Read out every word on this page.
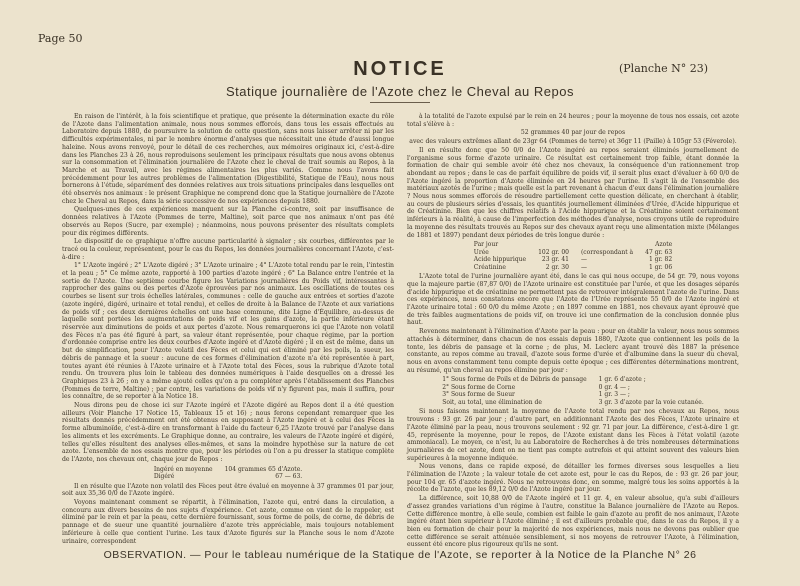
Page 50
NOTICE	(Planche N° 23)
Statique journalière de l'Azote chez le Cheval au Repos

En raison de l'intérêt, à la fois scientifique et pratique, que présente la détermination exacte du rôle de l'Azote dans l'alimentation animale, nous nous sommes efforcés, dans tous les essais effectués au Laboratoire depuis 1880, de poursuivre la solution de cette question, sans nous laisser arrêter ni par les difficultés expérimentales, ni par le nombre énorme d'analyses que nécessitait une étude d'aussi longue haleine. Nous avons renvoyé, pour le détail de ces recherches, aux mémoires originaux ici, c'est-à-dire dans les Planches 23 à 26, nous reproduisons seulement les principaux résultats que nous avons obtenus sur la consommation et l'élimination journalière de l'Azote chez le cheval de trait soumis au Repos, à la Marche et au Travail, avec les régimes alimentaires les plus variés. Comme nous l'avons fait précédemment pour les autres problèmes de l'alimentation (Digestibilité, Statique de l'Eau), nous nous bornerons à l'étude, séparément des données relatives aux trois situations principales dans lesquelles ont été observés nos animaux : le présent Graphique ne comprend donc que la Statique journalière de l'Azote chez le Cheval au Repos, dans la série successive de nos expériences depuis 1880.

Quelques-unes de ces expériences manquent sur la Planche ci-contre, soit par insuffisance de données relatives à l'Azote (Pommes de terre, Maltine), soit parce que nos animaux n'ont pas été observés au Repos (Sucre, par exemple) ; néanmoins, nous pouvons présenter des résultats complets pour dix régimes différents.

Le dispositif de ce graphique n'offre aucune particularité à signaler ; six courbes, différentes par le tracé ou la couleur, représentent, pour le cas du Repos, les données journalières concernant l'Azote, c'est-à-dire :

1° L'Azote ingéré ; 2° L'Azote digéré ; 3° L'Azote urinaire ; 4° L'Azote total rendu par le rein, l'intestin et la peau ; 5° Ce même azote, rapporté à 100 parties d'azote ingéré ; 6° La Balance entre l'entrée et la sortie de l'Azote. Une septième courbe figure les Variations journalières du Poids vif, intéressantes à rapprocher des gains ou des pertes d'Azote éprouvées par nos animaux. Les oscillations de toutes ces courbes se lisent sur trois échelles latérales, communes : celle de gauche aux entrées et sorties d'azote (azote ingéré, digéré, urinaire et total rendu), et celles de droite à la Balance de l'Azote et aux variations de poids vif ; ces deux dernières échelles ont une base commune, dite Ligne d'Équilibre, au-dessus de laquelle sont portées les augmentations de poids vif et les gains d'azote, la partie inférieure étant réservée aux diminutions de poids et aux pertes d'azote. Nous remarquerons ici que l'Azote non volatil des Fèces n'a pas été figuré à part, sa valeur étant représentée, pour chaque régime, par la portion d'ordonnée comprise entre les deux courbes d'Azote ingéré et d'Azote digéré ; il en est de même, dans un but de simplification, pour l'Azote volatil des Fèces et celui qui est éliminé par les poils, la sueur, les débris de pannage et la sueur : aucune de ces formes d'élimination d'azote n'a été représentée à part, toutes ayant été réunies à l'Azote urinaire et à l'Azote total des Fèces, sous la rubrique d'Azote total rendu. On trouvera plus loin le tableau des données numériques à l'aide desquelles on a dressé les Graphiques 23 à 26 ; on y a même ajouté celles qu'on a pu compléter après l'établissement des Planches (Pommes de terre, Maltine) ; par contre, les variations de poids vif n'y figurent pas, mais il suffira, pour les connaître, de se reporter à la Notice 18.

Nous dirons peu de chose ici sur l'Azote ingéré et l'Azote digéré au Repos dont il a été question ailleurs (Voir Planche 17 Notice 15, Tableaux 15 et 16) ; nous ferons cependant remarquer que les résultats donnés précédemment ont été obtenus en supposant à l'Azote ingéré et à celui des Fèces la forme albuminoïde, c'est-à-dire en transformant à l'aide du facteur 6,25 l'Azote trouvé par l'analyse dans les aliments et les excréments. Le Graphique donne, au contraire, les valeurs de l'Azote ingéré et digéré, telles qu'elles résultent des analyses elles-mêmes, et sans la moindre hypothèse sur la nature de cet azote. L'ensemble de nos essais montre que, pour les périodes où l'on a pu dresser la statique complète de l'Azote, nos chevaux ont, chaque jour de Repos :

Ingéré en moyenne	104 grammes 65 d'Azote.
Digéré	67 — 63.

Il en résulte que l'Azote non volatil des Fèces peut être évalué en moyenne à 37 grammes 01 par jour, soit aux 35,36 0/0 de l'Azote ingéré.

Voyons maintenant comment se répartit, à l'élimination, l'azote qui, entré dans la circulation, a concouru aux divers besoins de nos sujets d'expérience. Cet azote, comme on vient de le rappeler, est éliminé par le rein et par la peau, cette dernière fournissant, sous forme de poils, de corne, de débris de pannage et de sueur une quantité journalière d'azote très appréciable, mais toujours notablement inférieure à celle que contient l'urine. Les taux d'Azote figurés sur la Planche sous le nom d'Azote urinaire, correspondent

à la totalité de l'azote expulsé par le rein en 24 heures ; pour la moyenne de tous nos essais, cet azote total s'élève à :

52 grammes 40 par jour de repos

avec des valeurs extrêmes allant de 23gr 64 (Pommes de terre) et 36gr 11 (Paille) à 105gr 53 (Féverole).

Il en résulte donc que 50 0/0 de l'Azote ingéré au repos seraient éliminés journellement de l'organisme sous forme d'azote urinaire. Ce résultat est certainement trop faible, étant donnée la formation de chair qui semble avoir été chez nos chevaux, la conséquence d'un rationnement trop abondant au repos ; dans le cas de parfait équilibre de poids vif, il serait plus exact d'évaluer à 60 0/0 de l'Azote ingéré la proportion d'Azote éliminée en 24 heures par l'urine. Il s'agit là de l'ensemble des matériaux azotés de l'urine ; mais quelle est la part revenant à chacun d'eux dans l'élimination journalière ? Nous nous sommes efforcés de résoudre partiellement cette question délicate, en cherchant à établir, au cours de plusieurs séries d'essais, les quantités journellement éliminées d'Urée, d'Acide hippurique et de Créatinine. Bien que les chiffres relatifs à l'Acide hippurique et la Créatinine soient certainement inférieurs à la réalité, à cause de l'imperfection des méthodes d'analyse, nous croyons utile de reproduire la moyenne des résultats trouvés au Repos sur des chevaux ayant reçu une alimentation mixte (Mélanges de 1881 et 1897) pendant deux périodes de très longue durée :

Par jour			Azote
Urée	102 gr. 00	(correspondant à	47 gr. 63
Acide hippurique	23 gr. 41	—	1 gr. 82
Créatinine	2 gr. 30	—	1 gr. 06

L'Azote total de l'urine journalière ayant été, dans le cas qui nous occupe, de 54 gr. 79, nous voyons que la majeure partie (87,87 0/0) de l'Azote urinaire est constituée par l'urée, et que les dosages séparés d'acide hippurique et de créatinine ne permettent pas de retrouver intégralement l'azote de l'urine. Dans ces expériences, nous constatons encore que l'Azote de l'Urée représente 55 0/0 de l'Azote ingéré et l'Azote urinaire total : 60 0/0 du même Azote ; en 1897 comme en 1881, nos chevaux ayant éprouvé que de très faibles augmentations de poids vif, on trouve ici une confirmation de la conclusion donnée plus haut.

Revenons maintenant à l'élimination d'Azote par la peau : pour en établir la valeur, nous nous sommes attachés à déterminer, dans chacun de nos essais depuis 1880, l'Azote que contiennent les poils de la tonte, les débris de pansage et la corne ; de plus, M. Leclerc ayant trouvé dès 1887 la présence constante, au repos comme au travail, d'azote sous forme d'urée et d'albumine dans la sueur du cheval, nous en avons constamment tenu compte depuis cette époque ; ces différentes déterminations montrent, au résumé, qu'un cheval au repos élimine par jour :

1° Sous forme de Poils et de Débris de pansage	1 gr. 6 d'azote ;
2° Sous forme de Corne	0 gr. 4 — ;
3° Sous forme de Sueur	1 gr. 3 — ;
Soit, au total, une élimination de	3 gr. 3 d'azote par la voie cutanée.

Si nous faisons maintenant la moyenne de l'Azote total rendu par nos chevaux au Repos, nous trouvons : 93 gr. 26 par jour ; d'autre part, en additionnant l'Azote des des Fèces, l'Azote urinaire et l'Azote éliminé par la peau, nous trouvons seulement : 92 gr. 71 par jour. La différence, c'est-à-dire 1 gr. 45, représente la moyenne, pour le repos, de l'Azote existant dans les Fèces à l'état volatil (azote ammoniacal). Le moyen, ce n'est, lu au Laboratoire de Recherches à de très nombreuses déterminations journalières de cet azote, dont on ne tient pas compte autrefois et qui atteint souvent des valeurs bien supérieures à la moyenne indiquée.

Nous venons, dans ce rapide exposé, de détailler les formes diverses sous lesquelles a lieu l'élimination de l'Azote ; la valeur totale de cet azote est, pour le cas du Repos, de : 93 gr. 26 par jour, pour 104 gr. 65 d'azote ingéré. Nous ne retrouvons donc, en somme, malgré tous les soins apportés à la récolte de l'azote, que les 89,12 0/0 de l'Azote ingéré par jour.

La différence, soit 10,88 0/0 de l'Azote ingéré et 11 gr. 4, en valeur absolue, qu'a subi d'ailleurs d'assez grandes variations d'un régime à l'autre, constitue la Balance journalière de l'Azote au Repos. Cette différence montre, à elle seule, combien est faible le gain d'azote au profit de nos animaux, l'Azote ingéré étant bien supérieur à l'Azote éliminé ; il est d'ailleurs probable que, dans le cas du Repos, il y a bien eu formation de chair pour la majorité de nos expériences, mais nous ne devons pas oublier que cette différence se serait atténuée sensiblement, si nos moyens de retrouver l'Azote, à l'élimination, eussent été encore plus rigoureux qu'ils ne sont.

OBSERVATION. — Pour le tableau numérique de la Statique de l'Azote, se reporter à la Notice de la Planche N° 26
